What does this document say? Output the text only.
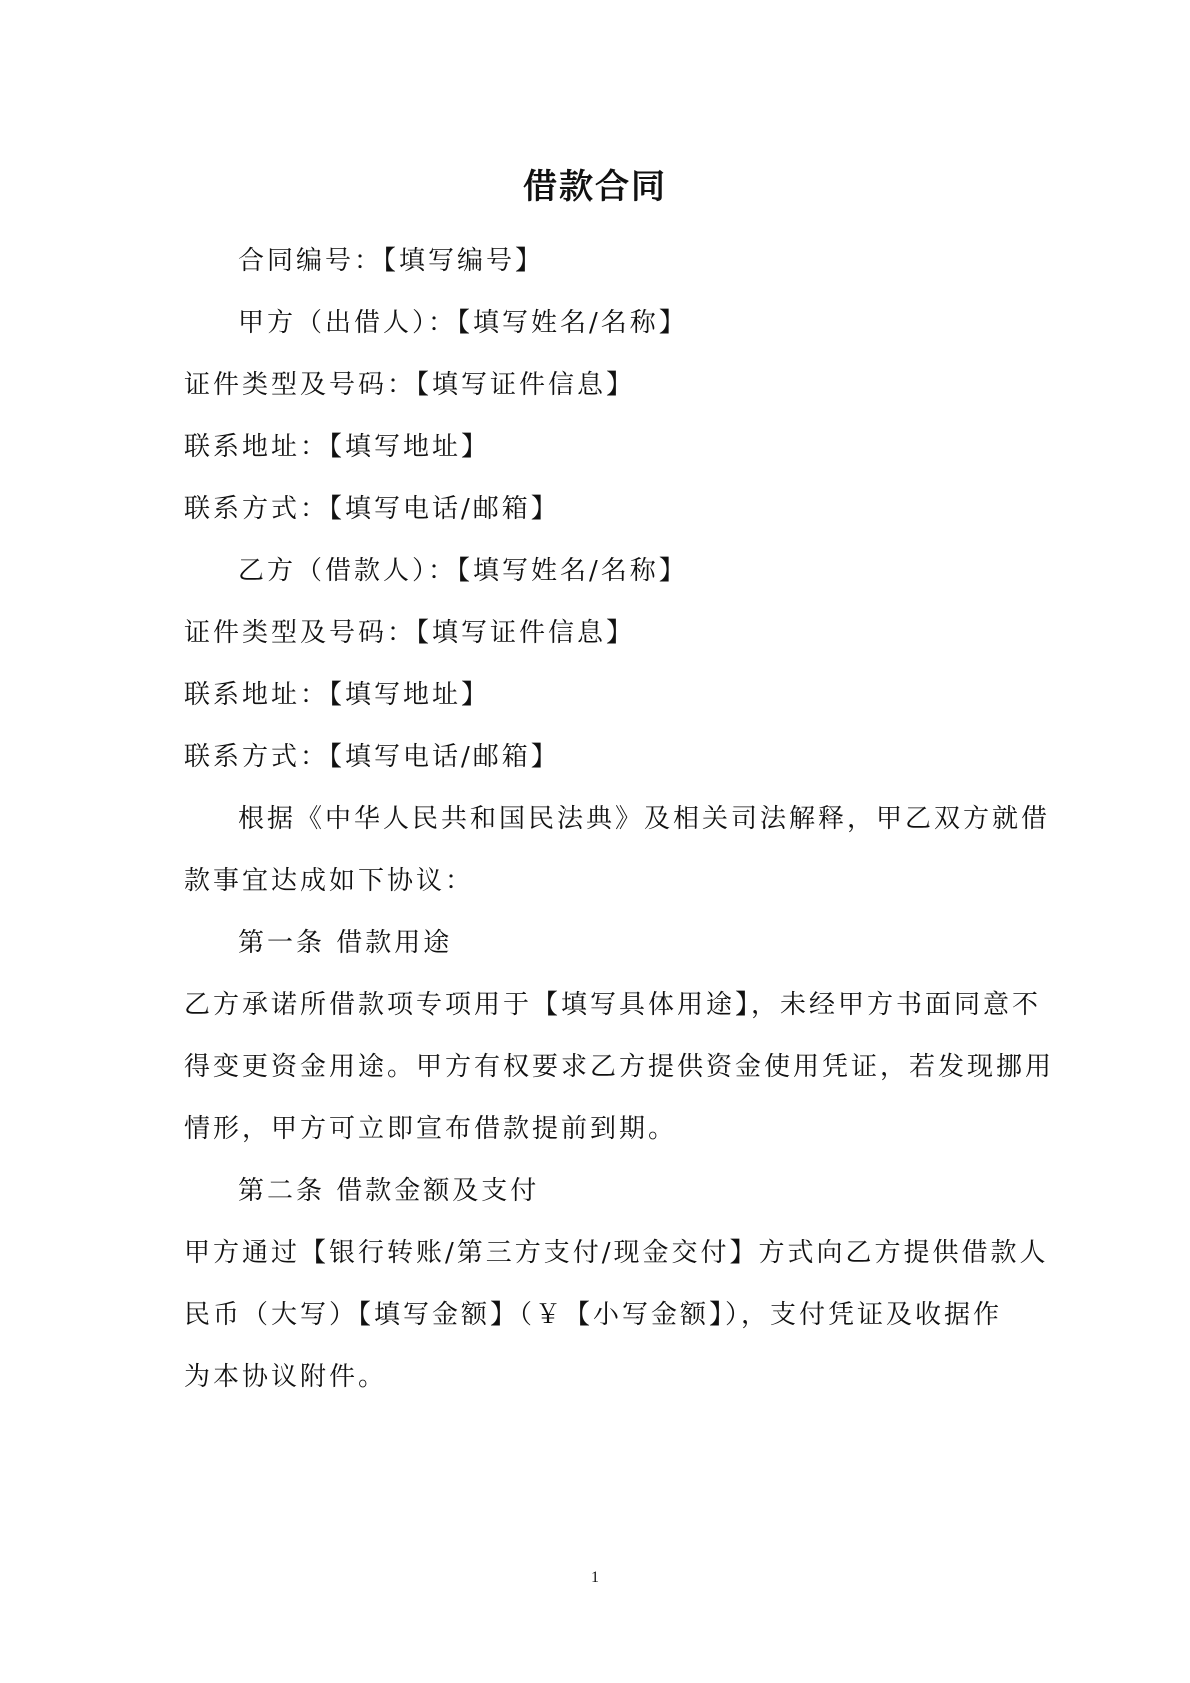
借款合同

合同编号：【填写编号】

甲方（出借人）：【填写姓名/名称】

证件类型及号码：【填写证件信息】

联系地址：【填写地址】

联系方式：【填写电话/邮箱】

乙方（借款人）：【填写姓名/名称】

证件类型及号码：【填写证件信息】

联系地址：【填写地址】

联系方式：【填写电话/邮箱】

根据《中华人民共和国民法典》及相关司法解释，甲乙双方就借

款事宜达成如下协议：

第一条 借款用途

乙方承诺所借款项专项用于【填写具体用途】，未经甲方书面同意不

得变更资金用途。甲方有权要求乙方提供资金使用凭证，若发现挪用

情形，甲方可立即宣布借款提前到期。

第二条 借款金额及支付

甲方通过【银行转账/第三方支付/现金交付】方式向乙方提供借款人

民币（大写）【填写金额】（￥【小写金额】），支付凭证及收据作

为本协议附件。

1
